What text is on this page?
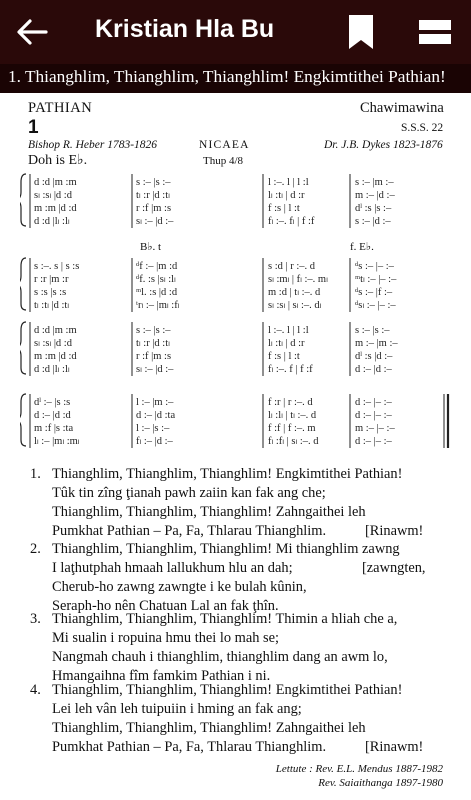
Kristian Hla Bu
1. Thianghlim, Thianghlim, Thianghlim! Engkimtithei Pathian!
PATHIAN	Chawimawina
1	S.S.S. 22
Bishop R. Heber 1783-1826	NICAEA	Dr. J.B. Dykes 1823-1876
Doh is E♭.	Thup 4/8
B♭. t	f. E♭.
d :d |m :m	s :– |s :–	l :–. l | l :l	s :– |m :–
sₗ :sₗ |d :d	tₗ :r |d :tₗ	lₗ :tₗ | d :r	m :– |d :–
m :m |d :d	r :f |m :s	f :s | l :t	dˡ :s |s :–
d :d |lₗ :lₗ	sₗ :– |d :–	fₗ :–. fₗ | f :f	s :– |d :–
s :–. s | s :s	ᵈf :– |m :d	s :d | r :–. d	ᵈs :– |– :–
r :r |m :r	ᵈf. :s |sₗ :lₗ	sₗ :mₗ | fₗ :–. mₗ	ᵐtₗ :– |– :–
s :s |s :s	ᵐl. :s |d :d	m :d | tₗ :–. d	ᵈs :– |f :–
tₗ :tₗ |d :tₗ	ᵗrₗ :– |mₗ :fₗ	sₗ :sₗ | sₗ :–. dₗ	ᵈsₗ :– |– :–
d :d |m :m	s :– |s :–	l :–. l | l :l	s :– |s :–
sₗ :sₗ |d :d	tₗ :r |d :tₗ	lₗ :tₗ | d :r	m :– |m :–
m :m |d :d	r :f |m :s	f :s | l :t	dˡ :s |d :–
d :d |lₗ :lₗ	sₗ :– |d :–	fₗ :–. f | f :f	d :– |d :–
dˡ :– |s :s	l :– |m :–	f :r | r :–. d	d :– |– :–
d :– |d :d	d :– |d :ta	lₗ :lₗ | tₗ :–. d	d :– |– :–
m :f |s :ta	l :– |s :–	f :f | f :–. m	m :– |– :–
lₗ :– |mₗ :mₗ	fₗ :– |d :–	fₗ :fₗ | sₗ :–. d	d :– |– :–
1. Thianghlim, Thianghlim, Thianghlim! Engkimtithei Pathian!
Tûk tin zîng ţianah pawh zaiin kan fak ang che;
Thianghlim, Thianghlim, Thianghlim! Zahngaithei leh
Pumkhat Pathian – Pa, Fa, Thlarau Thianghlim.	[Rinawm!
2. Thianghlim, Thianghlim, Thianghlim! Mi thianghlim zawng
I laţhutphah hmaah lallukhum hlu an dah;	[zawngten,
Cherub-ho zawng zawngte i ke bulah kûnin,
Seraph-ho nên Chatuan Lal an fak ţhîn.
3. Thianghlim, Thianghlim, Thianghlim! Thimin a hliah che a,
Mi sualin i ropuina hmu thei lo mah se;
Nangmah chauh i thianghlim, thianghlim dang an awm lo,
Hmangaihna fîm famkim Pathian i ni.
4. Thianghlim, Thianghlim, Thianghlim! Engkimtithei Pathian!
Lei leh vân leh tuipuiin i hming an fak ang;
Thianghlim, Thianghlim, Thianghlim! Zahngaithei leh
Pumkhat Pathian – Pa, Fa, Thlarau Thianghlim.	[Rinawm!
Lettute : Rev. E.L. Mendus 1887-1982
Rev. Saiaithanga 1897-1980
